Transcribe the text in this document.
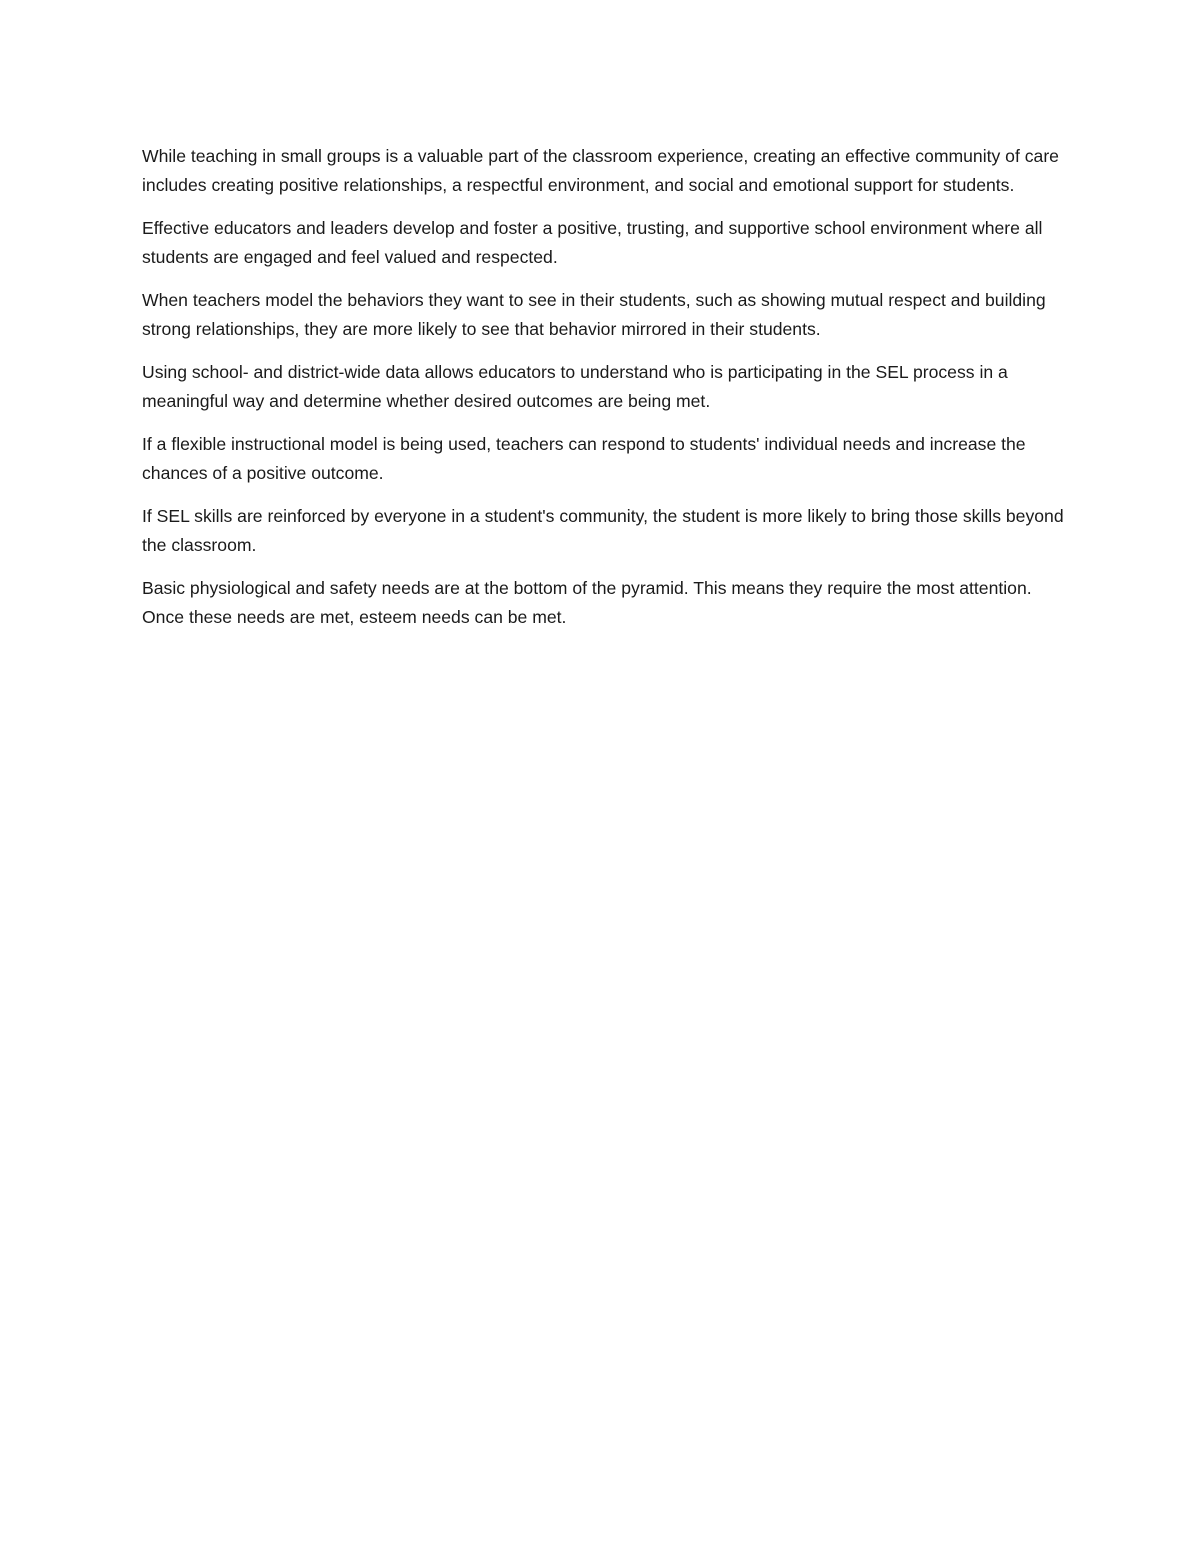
While teaching in small groups is a valuable part of the classroom experience, creating an effective community of care includes creating positive relationships, a respectful environment, and social and emotional support for students.

Effective educators and leaders develop and foster a positive, trusting, and supportive school environment where all students are engaged and feel valued and respected.

When teachers model the behaviors they want to see in their students, such as showing mutual respect and building strong relationships, they are more likely to see that behavior mirrored in their students.

Using school- and district-wide data allows educators to understand who is participating in the SEL process in a meaningful way and determine whether desired outcomes are being met.

If a flexible instructional model is being used, teachers can respond to students' individual needs and increase the chances of a positive outcome.

If SEL skills are reinforced by everyone in a student's community, the student is more likely to bring those skills beyond the classroom.

Basic physiological and safety needs are at the bottom of the pyramid. This means they require the most attention. Once these needs are met, esteem needs can be met.
